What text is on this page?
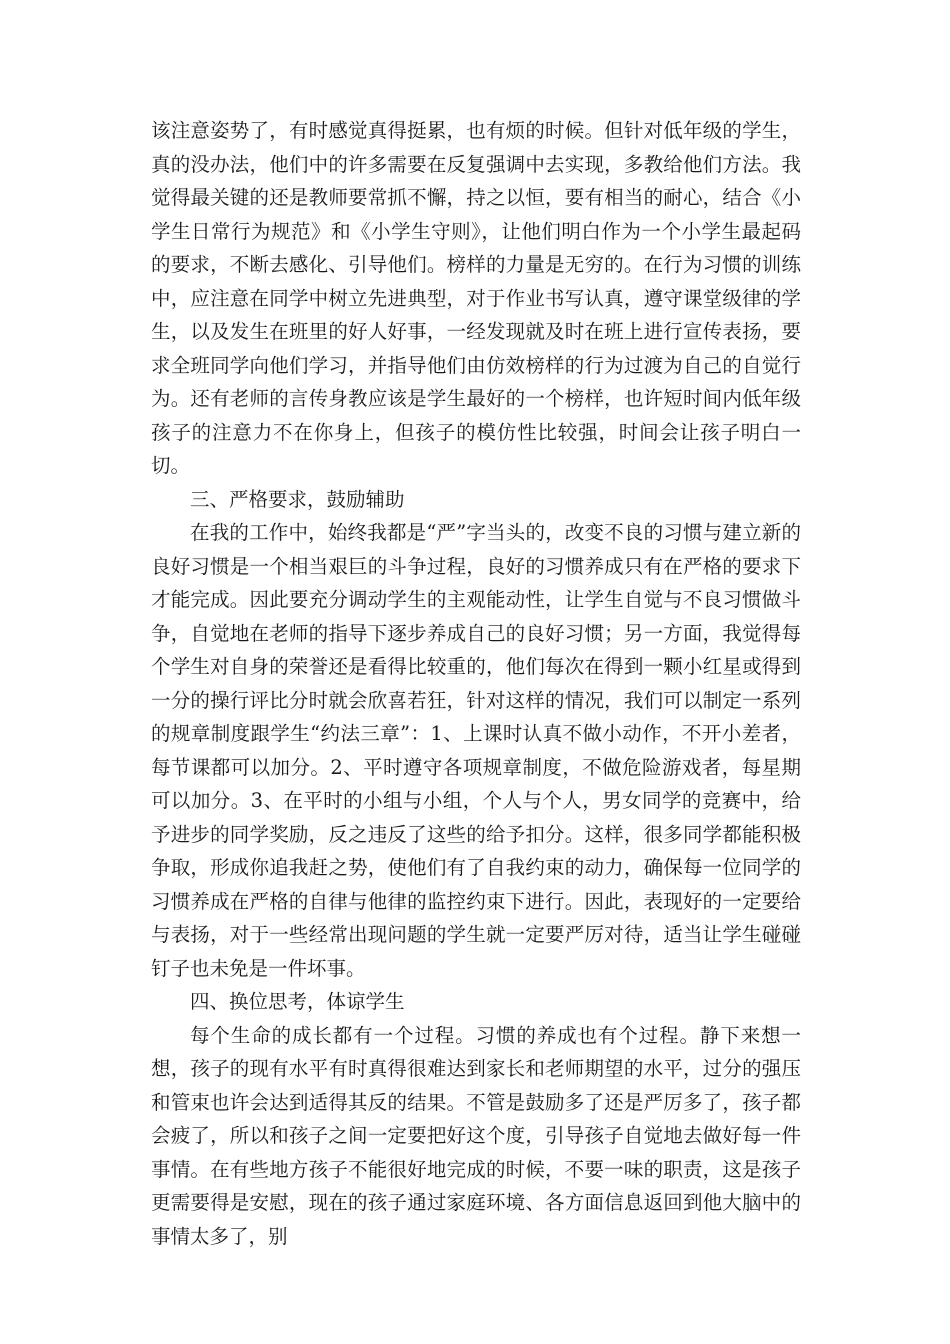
该注意姿势了，有时感觉真得挺累，也有烦的时候。但针对低年级的学生，真的没办法，他们中的许多需要在反复强调中去实现，多教给他们方法。我觉得最关键的还是教师要常抓不懈，持之以恒，要有相当的耐心，结合《小学生日常行为规范》和《小学生守则》，让他们明白作为一个小学生最起码的要求，不断去感化、引导他们。榜样的力量是无穷的。在行为习惯的训练中，应注意在同学中树立先进典型，对于作业书写认真，遵守课堂级律的学生，以及发生在班里的好人好事，一经发现就及时在班上进行宣传表扬，要求全班同学向他们学习，并指导他们由仿效榜样的行为过渡为自己的自觉行为。还有老师的言传身教应该是学生最好的一个榜样，也许短时间内低年级孩子的注意力不在你身上，但孩子的模仿性比较强，时间会让孩子明白一切。

三、严格要求，鼓励辅助

在我的工作中，始终我都是“严”字当头的，改变不良的习惯与建立新的良好习惯是一个相当艰巨的斗争过程，良好的习惯养成只有在严格的要求下才能完成。因此要充分调动学生的主观能动性，让学生自觉与不良习惯做斗争，自觉地在老师的指导下逐步养成自己的良好习惯；另一方面，我觉得每个学生对自身的荣誉还是看得比较重的，他们每次在得到一颗小红星或得到一分的操行评比分时就会欣喜若狂，针对这样的情况，我们可以制定一系列的规章制度跟学生“约法三章”：1、上课时认真不做小动作，不开小差者，每节课都可以加分。2、平时遵守各项规章制度，不做危险游戏者，每星期可以加分。3、在平时的小组与小组，个人与个人，男女同学的竞赛中，给予进步的同学奖励，反之违反了这些的给予扣分。这样，很多同学都能积极争取，形成你追我赶之势，使他们有了自我约束的动力，确保每一位同学的习惯养成在严格的自律与他律的监控约束下进行。因此，表现好的一定要给与表扬，对于一些经常出现问题的学生就一定要严厉对待，适当让学生碰碰钉子也未免是一件坏事。

四、换位思考，体谅学生

每个生命的成长都有一个过程。习惯的养成也有个过程。静下来想一想，孩子的现有水平有时真得很难达到家长和老师期望的水平，过分的强压和管束也许会达到适得其反的结果。不管是鼓励多了还是严厉多了，孩子都会疲了，所以和孩子之间一定要把好这个度，引导孩子自觉地去做好每一件事情。在有些地方孩子不能很好地完成的时候，不要一味的职责，这是孩子更需要得是安慰，现在的孩子通过家庭环境、各方面信息返回到他大脑中的事情太多了，别
